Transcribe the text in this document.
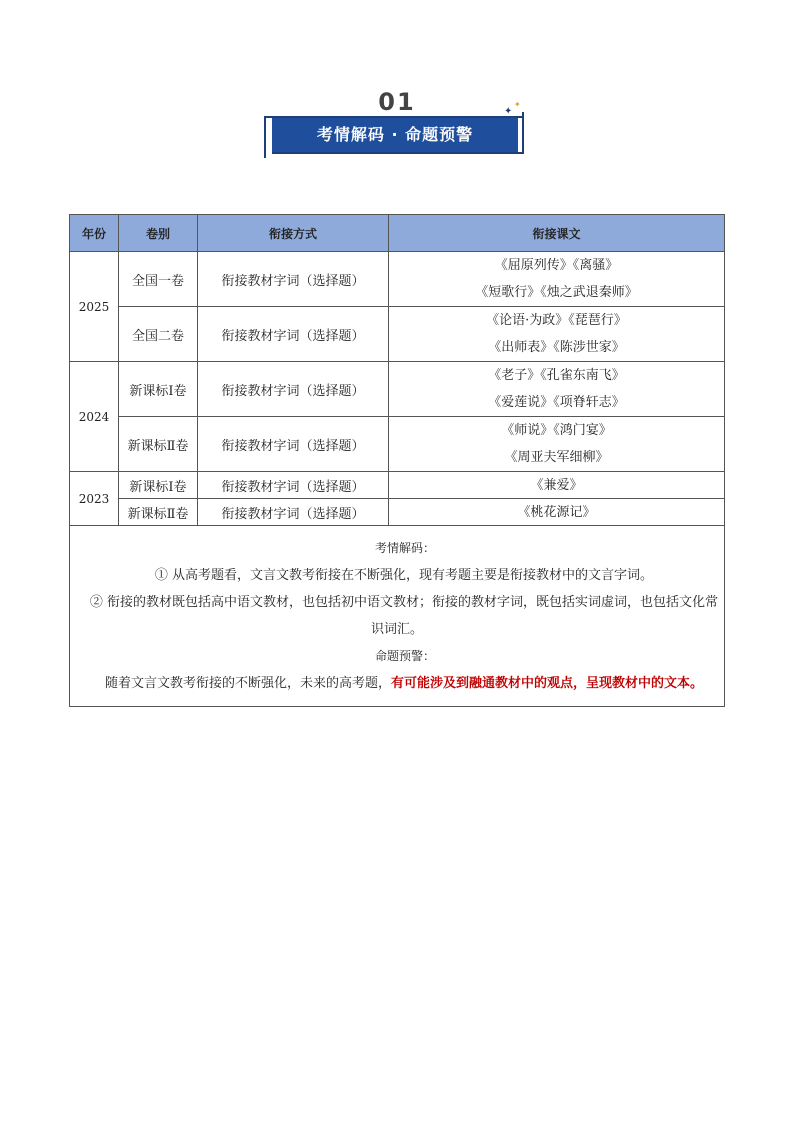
01
考情解码 · 命题预警
✦
✦
年份	卷别	衔接方式	衔接课文
2025	全国一卷	衔接教材字词（选择题）	《屈原列传》《离骚》
《短歌行》《烛之武退秦师》

	全国二卷	衔接教材字词（选择题）	《论语·为政》《琵琶行》
《出师表》《陈涉世家》

2024	新课标Ⅰ卷	衔接教材字词（选择题）	《老子》《孔雀东南飞》
《爱莲说》《项脊轩志》

	新课标Ⅱ卷	衔接教材字词（选择题）	《师说》《鸿门宴》
《周亚夫军细柳》

2023	新课标Ⅰ卷	衔接教材字词（选择题）	《兼爱》

	新课标Ⅱ卷	衔接教材字词（选择题）	《桃花源记》

考情解码：
① 从高考题看，文言文教考衔接在不断强化，现有考题主要是衔接教材中的文言字词。
② 衔接的教材既包括高中语文教材，也包括初中语文教材；衔接的教材字词，既包括实词虚词，也包括文化常识词汇。
命题预警：
随着文言文教考衔接的不断强化，未来的高考题，有可能涉及到融通教材中的观点，呈现教材中的文本。			
